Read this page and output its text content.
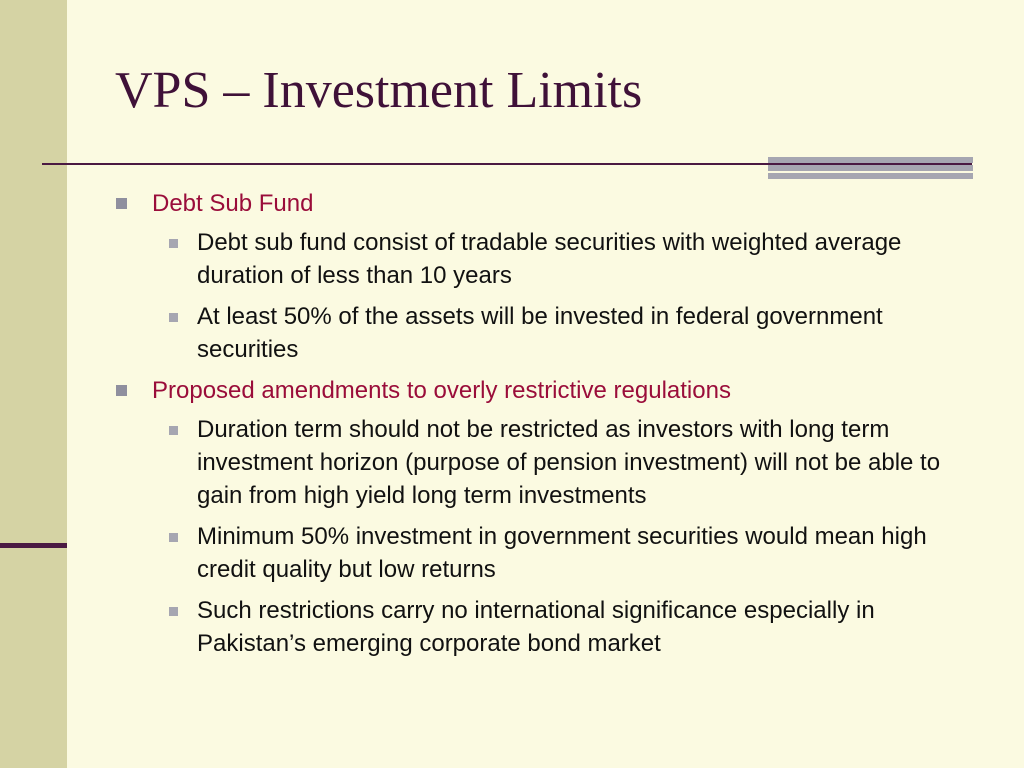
VPS – Investment Limits
Debt Sub Fund
Debt sub fund consist of tradable securities with weighted average duration of less than 10 years
At least 50% of the assets will be invested in federal government securities
Proposed amendments to overly restrictive regulations
Duration term should not be restricted as investors with long term investment horizon (purpose of pension investment) will not be able to gain from high yield long term investments
Minimum 50% investment in government securities would mean high credit quality but low returns
Such restrictions carry no international significance especially in Pakistan’s emerging corporate bond market
